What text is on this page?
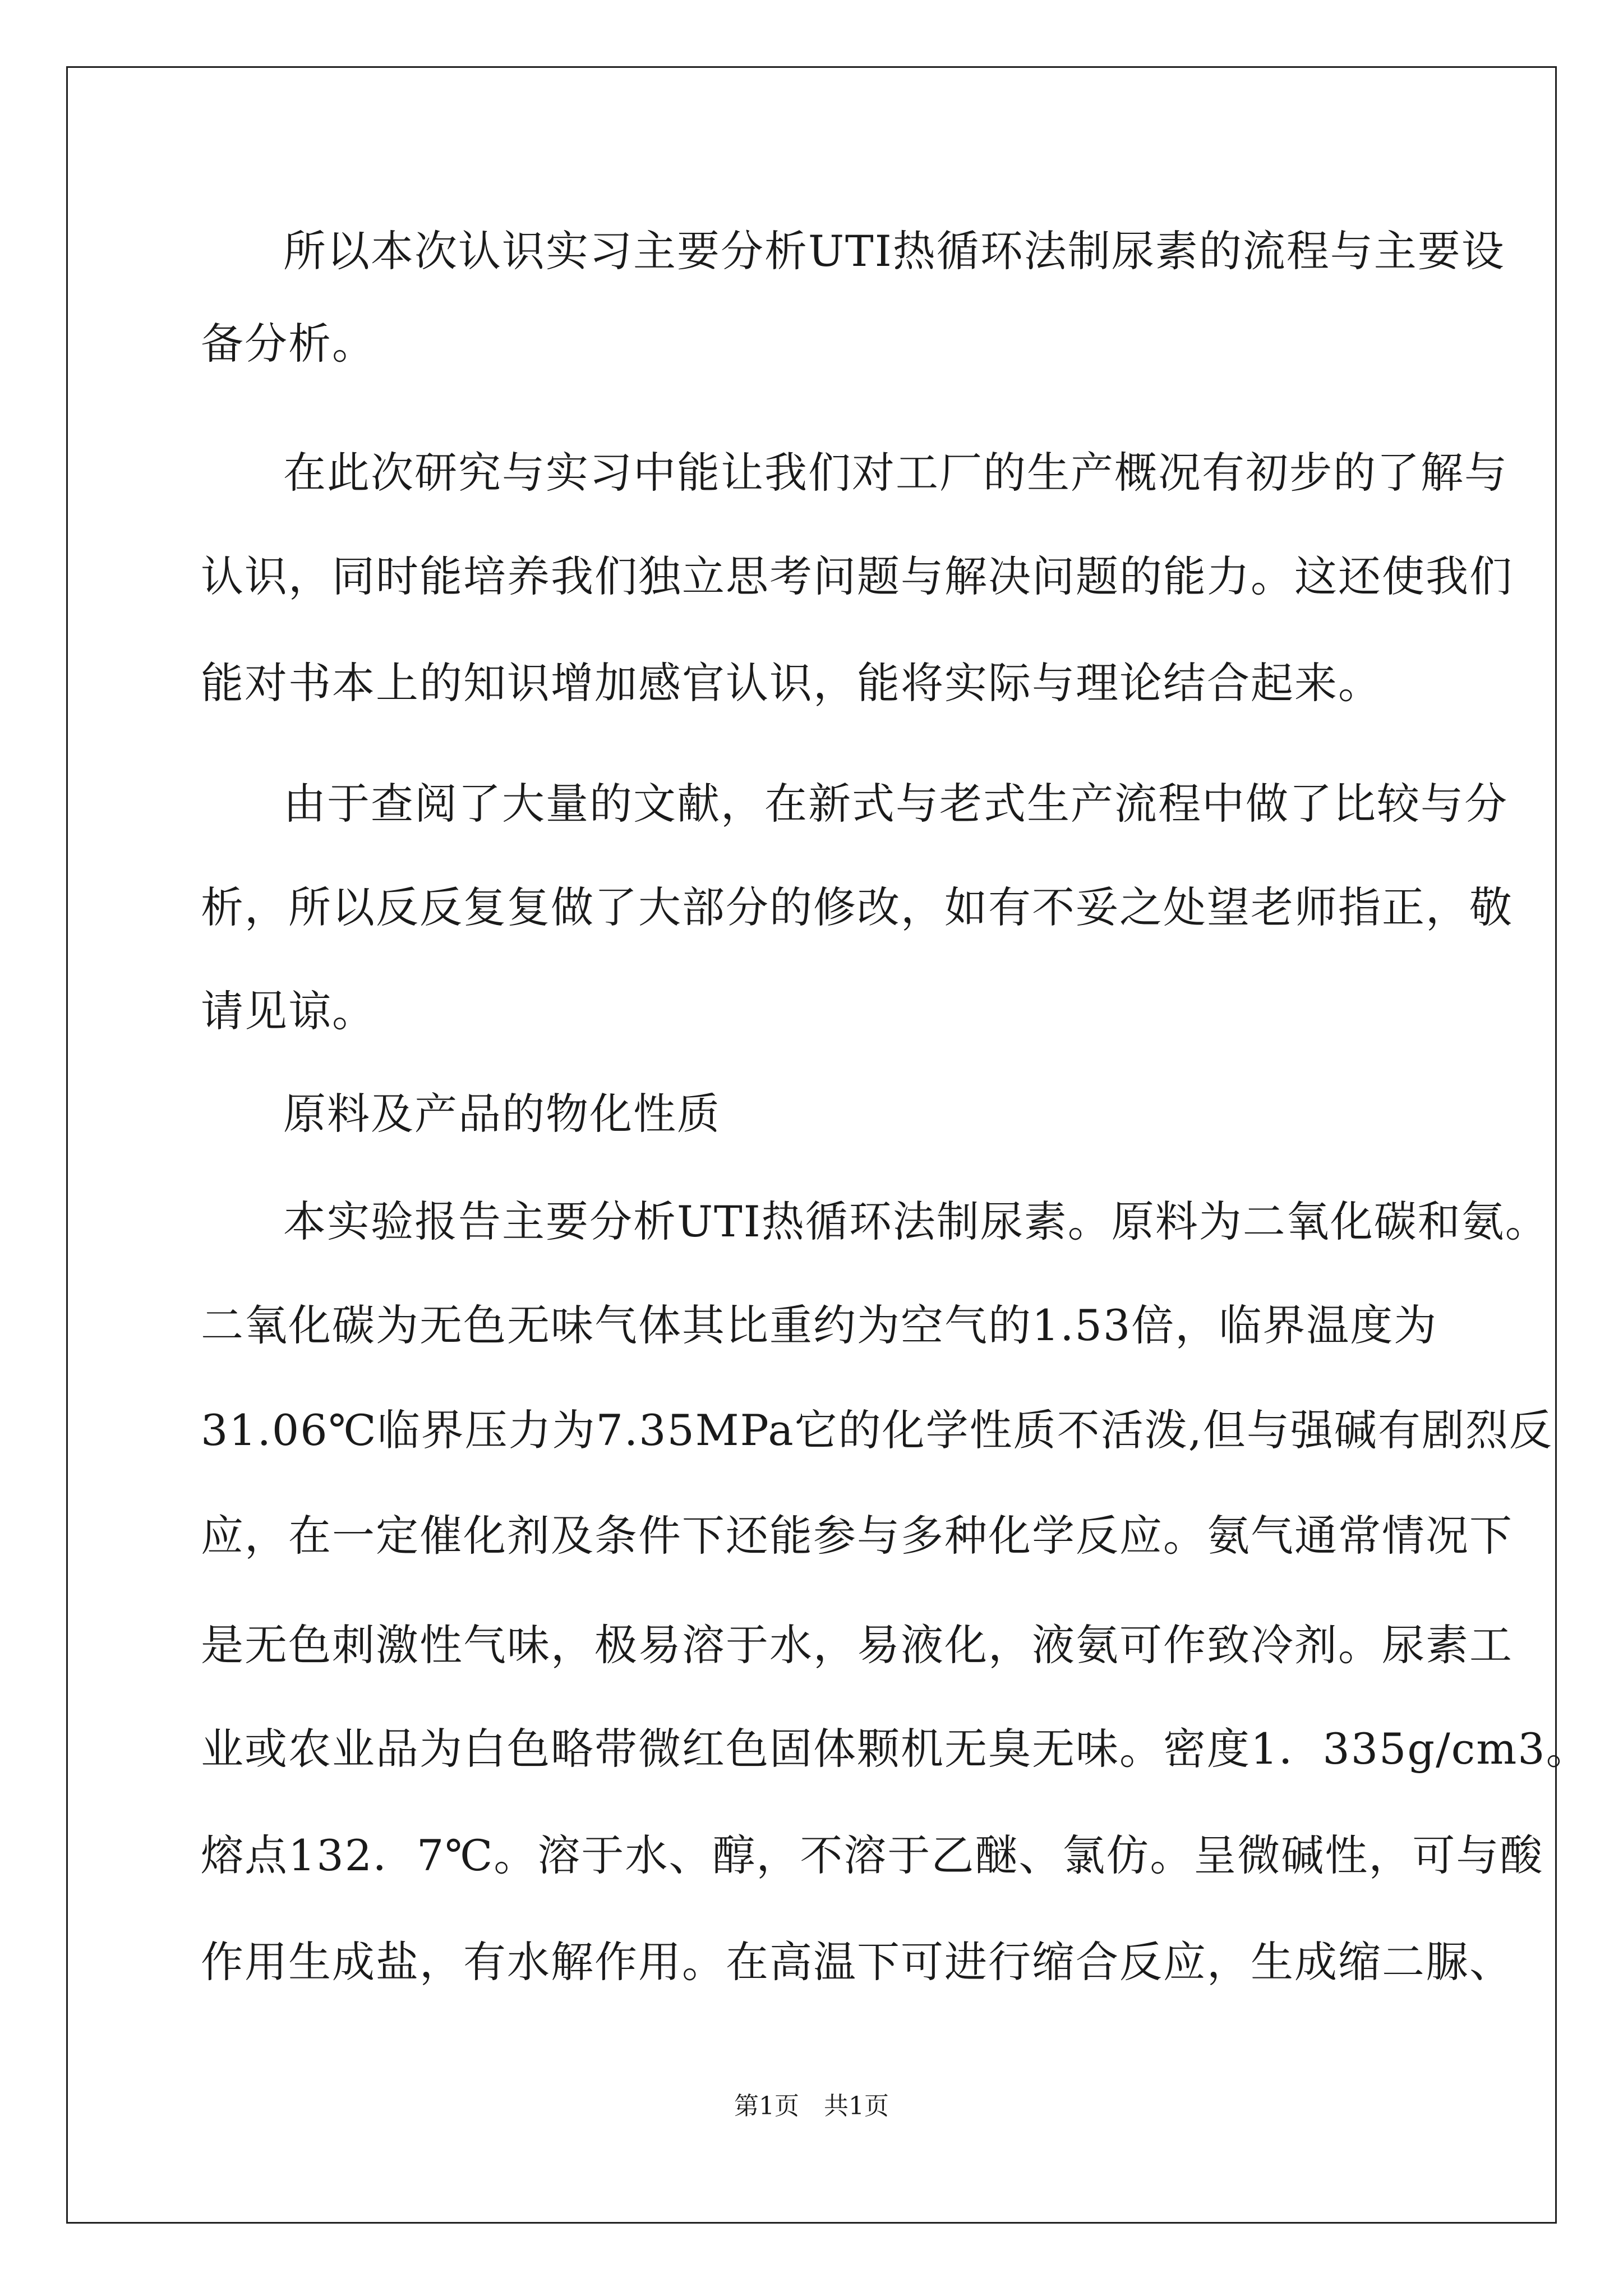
所以本次认识实习主要分析UTI热循环法制尿素的流程与主要设
备分析。
在此次研究与实习中能让我们对工厂的生产概况有初步的了解与
认识，同时能培养我们独立思考问题与解决问题的能力。这还使我们
能对书本上的知识增加感官认识，能将实际与理论结合起来。
由于查阅了大量的文献，在新式与老式生产流程中做了比较与分
析，所以反反复复做了大部分的修改，如有不妥之处望老师指正，敬
请见谅。
原料及产品的物化性质
本实验报告主要分析UTI热循环法制尿素。原料为二氧化碳和氨。
二氧化碳为无色无味气体其比重约为空气的1.53倍，临界温度为
31.06℃临界压力为7.35MPa它的化学性质不活泼,但与强碱有剧烈反
应，在一定催化剂及条件下还能参与多种化学反应。氨气通常情况下
是无色刺激性气味，极易溶于水，易液化，液氨可作致冷剂。尿素工
业或农业品为白色略带微红色固体颗机无臭无味。密度1．335g/cm3。
熔点132．7℃。溶于水、醇，不溶于乙醚、氯仿。呈微碱性，可与酸
作用生成盐，有水解作用。在高温下可进行缩合反应，生成缩二脲、
第1页　共1页
